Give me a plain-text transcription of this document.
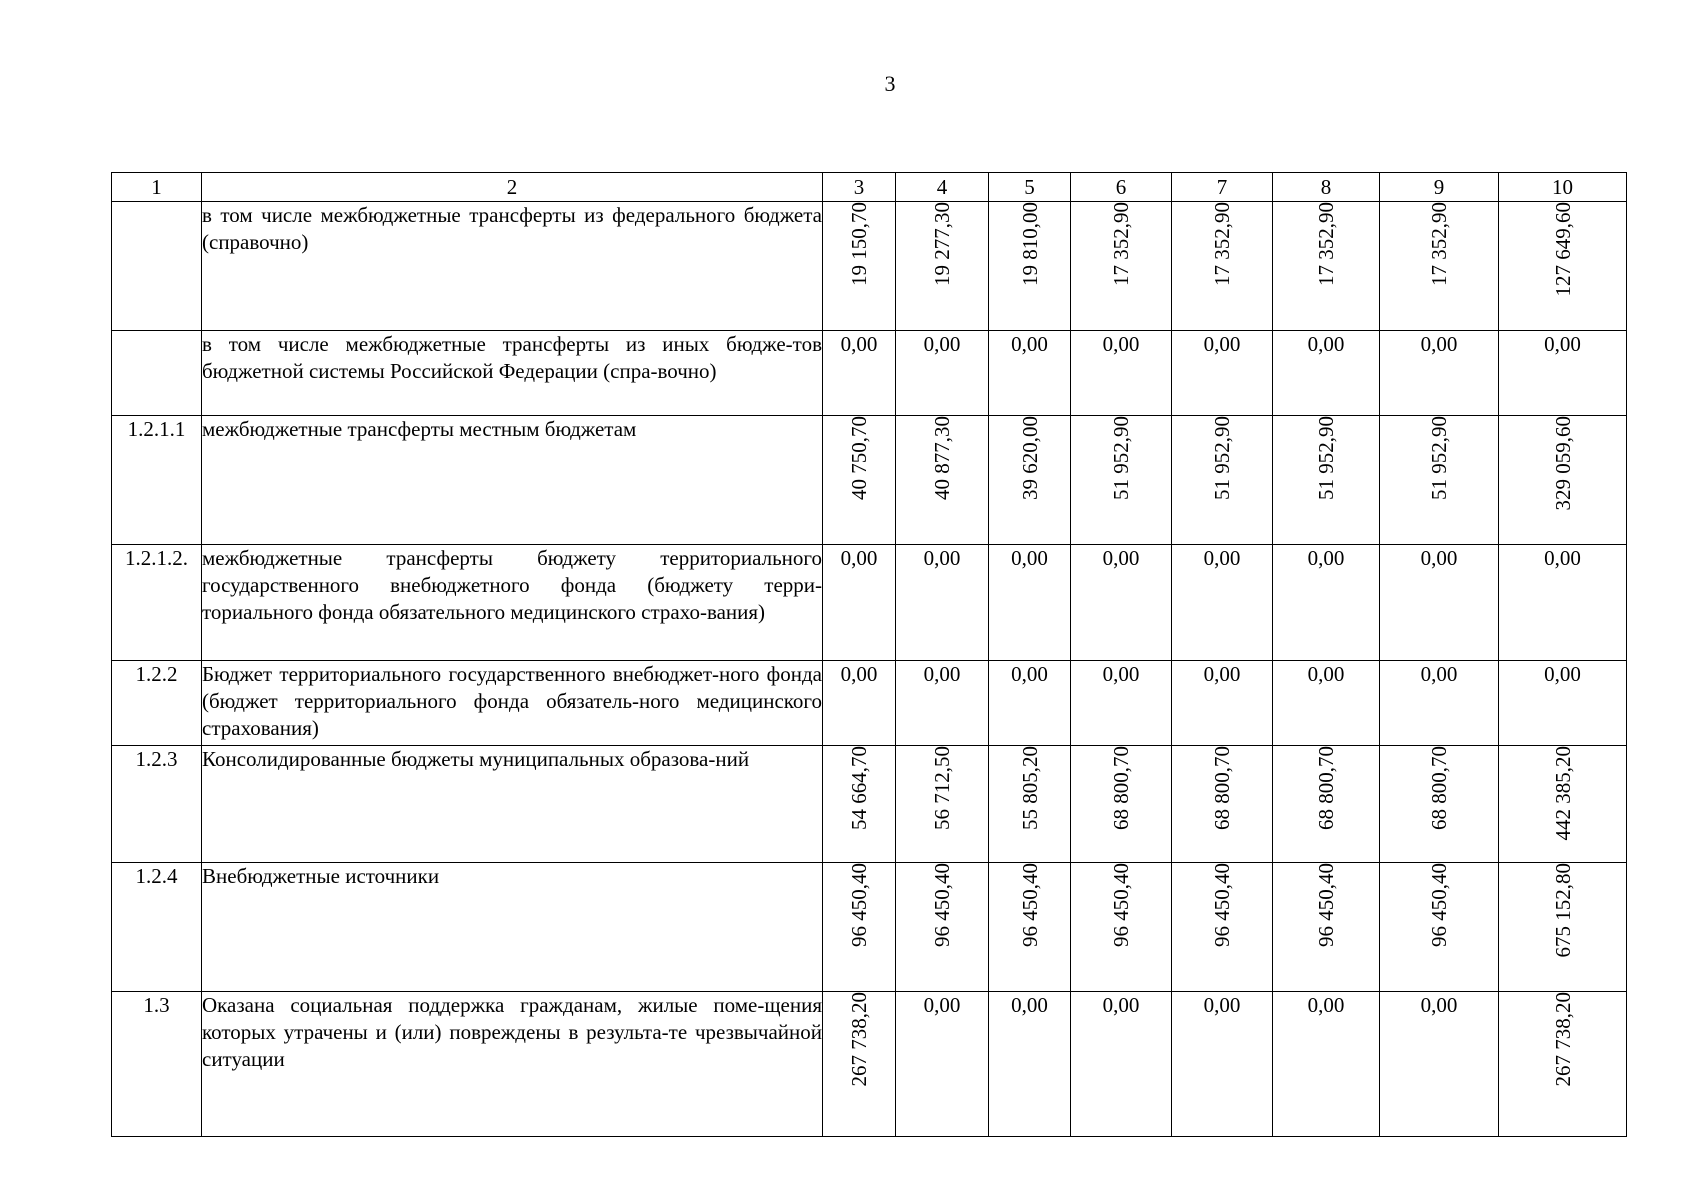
3
1	2	3	4	5	6	7	8	9	10
	в том числе межбюджетные трансферты из федерального бюджета (справочно)	19 150,70	19 277,30	19 810,00	17 352,90	17 352,90	17 352,90	17 352,90	127 649,60
	в том числе межбюджетные трансферты из иных бюдже-тов бюджетной системы Российской Федерации (спра-вочно)	0,00	0,00	0,00	0,00	0,00	0,00	0,00	0,00
1.2.1.1	межбюджетные трансферты местным бюджетам	40 750,70	40 877,30	39 620,00	51 952,90	51 952,90	51 952,90	51 952,90	329 059,60
1.2.1.2.	межбюджетные трансферты бюджету территориального государственного внебюджетного фонда (бюджету терри-ториального фонда обязательного медицинского страхо-вания)	0,00	0,00	0,00	0,00	0,00	0,00	0,00	0,00
1.2.2	Бюджет территориального государственного внебюджет-ного фонда (бюджет территориального фонда обязатель-ного медицинского страхования)	0,00	0,00	0,00	0,00	0,00	0,00	0,00	0,00
1.2.3	Консолидированные бюджеты муниципальных образова-ний	54 664,70	56 712,50	55 805,20	68 800,70	68 800,70	68 800,70	68 800,70	442 385,20
1.2.4	Внебюджетные источники	96 450,40	96 450,40	96 450,40	96 450,40	96 450,40	96 450,40	96 450,40	675 152,80
1.3	Оказана социальная поддержка гражданам, жилые поме-щения которых утрачены и (или) повреждены в результа-те чрезвычайной ситуации	267 738,20	0,00	0,00	0,00	0,00	0,00	0,00	267 738,20
